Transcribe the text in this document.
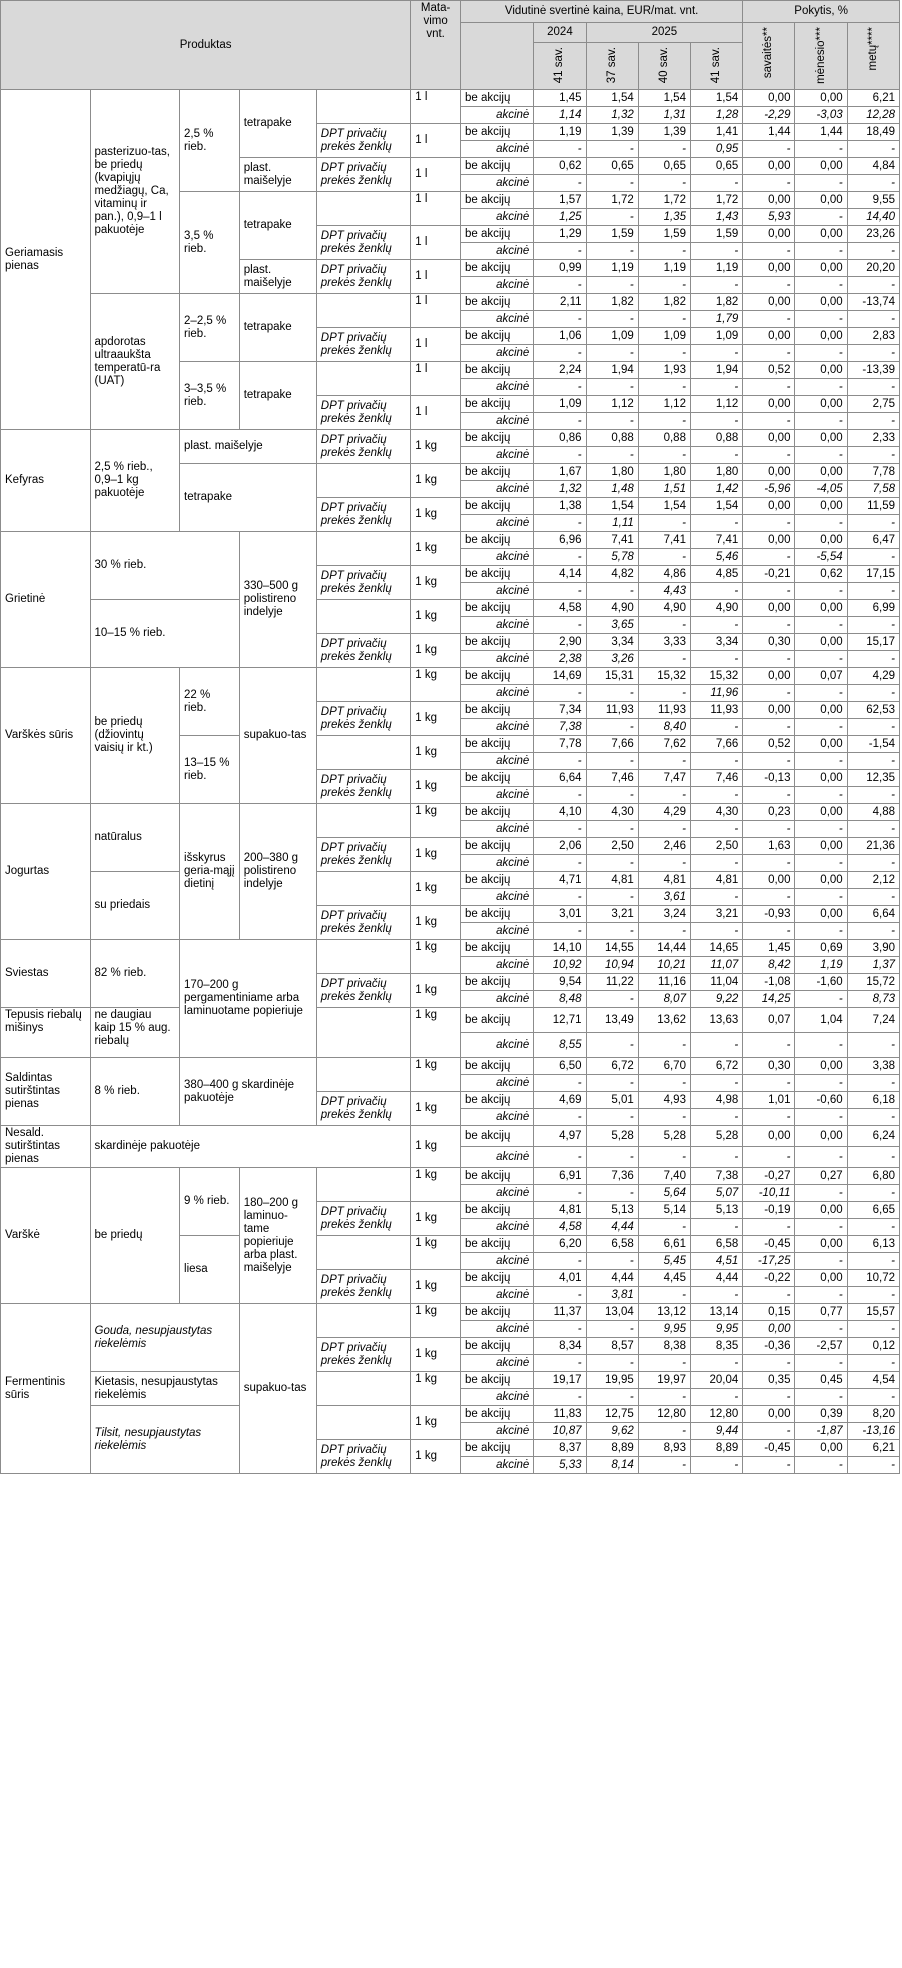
Produktas					Mata-
vimo
vnt.	Vidutinė svertinė kaina, EUR/mat. vnt.					Pokytis, %		
							2024	2025			savaitės**	mėnesio***	metų****

							41 sav.	37 sav.	40 sav.	41 sav.			

Geriamasis pienas	pasterizuo-tas, be priedų (kvapiųjų medžiagų, Ca, vitaminų ir pan.), 0,9–1 l pakuotėje	2,5 % rieb.	tetrapake		1 l	be akcijų	1,45	1,54	1,54	1,54	0,00	0,00	6,21
						akcinė	1,14	1,32	1,31	1,28	-2,29	-3,03	12,28
				DPT privačių prekės ženklų	1 l	be akcijų	1,19	1,39	1,39	1,41	1,44	1,44	18,49
						akcinė	-	-	-	0,95	-	-	-
			plast. maišelyje	DPT privačių prekės ženklų	1 l	be akcijų	0,62	0,65	0,65	0,65	0,00	0,00	4,84
						akcinė	-	-	-	-	-	-	-
		3,5 % rieb.	tetrapake		1 l	be akcijų	1,57	1,72	1,72	1,72	0,00	0,00	9,55
						akcinė	1,25	-	1,35	1,43	5,93	-	14,40
				DPT privačių prekės ženklų	1 l	be akcijų	1,29	1,59	1,59	1,59	0,00	0,00	23,26
						akcinė	-	-	-	-	-	-	-
			plast. maišelyje	DPT privačių prekės ženklų	1 l	be akcijų	0,99	1,19	1,19	1,19	0,00	0,00	20,20
						akcinė	-	-	-	-	-	-	-
	apdorotas ultraaukšta temperatū-ra (UAT)	2–2,5 % rieb.	tetrapake		1 l	be akcijų	2,11	1,82	1,82	1,82	0,00	0,00	-13,74
						akcinė	-	-	-	1,79	-	-	-
				DPT privačių prekės ženklų	1 l	be akcijų	1,06	1,09	1,09	1,09	0,00	0,00	2,83
						akcinė	-	-	-	-	-	-	-
		3–3,5 % rieb.	tetrapake		1 l	be akcijų	2,24	1,94	1,93	1,94	0,52	0,00	-13,39
						akcinė	-	-	-	-	-	-	-
				DPT privačių prekės ženklų	1 l	be akcijų	1,09	1,12	1,12	1,12	0,00	0,00	2,75
						akcinė	-	-	-	-	-	-	-
Kefyras	2,5 % rieb., 0,9–1 kg pakuotėje	plast. maišelyje		DPT privačių prekės ženklų	1 kg	be akcijų	0,86	0,88	0,88	0,88	0,00	0,00	2,33
						akcinė	-	-	-	-	-	-	-
		tetrapake			1 kg	be akcijų	1,67	1,80	1,80	1,80	0,00	0,00	7,78
						akcinė	1,32	1,48	1,51	1,42	-5,96	-4,05	7,58
				DPT privačių prekės ženklų	1 kg	be akcijų	1,38	1,54	1,54	1,54	0,00	0,00	11,59
						akcinė	-	1,11	-	-	-	-	-
Grietinė	30 % rieb.		330–500 g polistireno indelyje		1 kg	be akcijų	6,96	7,41	7,41	7,41	0,00	0,00	6,47
						akcinė	-	5,78	-	5,46	-	-5,54	-
				DPT privačių prekės ženklų	1 kg	be akcijų	4,14	4,82	4,86	4,85	-0,21	0,62	17,15
						akcinė	-	-	4,43	-	-	-	-
	10–15 % rieb.				1 kg	be akcijų	4,58	4,90	4,90	4,90	0,00	0,00	6,99
						akcinė	-	3,65	-	-	-	-	-
				DPT privačių prekės ženklų	1 kg	be akcijų	2,90	3,34	3,33	3,34	0,30	0,00	15,17
						akcinė	2,38	3,26	-	-	-	-	-
Varškės sūris	be priedų (džiovintų vaisių ir kt.)	22 % rieb.	supakuo-tas		1 kg	be akcijų	14,69	15,31	15,32	15,32	0,00	0,07	4,29
						akcinė	-	-	-	11,96	-	-	-
				DPT privačių prekės ženklų	1 kg	be akcijų	7,34	11,93	11,93	11,93	0,00	0,00	62,53
						akcinė	7,38	-	8,40	-	-	-	-
		13–15 % rieb.			1 kg	be akcijų	7,78	7,66	7,62	7,66	0,52	0,00	-1,54
						akcinė	-	-	-	-	-	-	-
				DPT privačių prekės ženklų	1 kg	be akcijų	6,64	7,46	7,47	7,46	-0,13	0,00	12,35
						akcinė	-	-	-	-	-	-	-
Jogurtas	natūralus	išskyrus geria-mąjį dietinį	200–380 g polistireno indelyje		1 kg	be akcijų	4,10	4,30	4,29	4,30	0,23	0,00	4,88
						akcinė	-	-	-	-	-	-	-
				DPT privačių prekės ženklų	1 kg	be akcijų	2,06	2,50	2,46	2,50	1,63	0,00	21,36
						akcinė	-	-	-	-	-	-	-
	su priedais				1 kg	be akcijų	4,71	4,81	4,81	4,81	0,00	0,00	2,12
						akcinė	-	-	3,61	-	-	-	-
				DPT privačių prekės ženklų	1 kg	be akcijų	3,01	3,21	3,24	3,21	-0,93	0,00	6,64
						akcinė	-	-	-	-	-	-	-
Sviestas	82 % rieb.	170–200 g pergamentiniame arba laminuotame popieriuje			1 kg	be akcijų	14,10	14,55	14,44	14,65	1,45	0,69	3,90
						akcinė	10,92	10,94	10,21	11,07	8,42	1,19	1,37
				DPT privačių prekės ženklų	1 kg	be akcijų	9,54	11,22	11,16	11,04	-1,08	-1,60	15,72
						akcinė	8,48	-	8,07	9,22	14,25	-	8,73
Tepusis riebalų mišinys	ne daugiau kaip 15 % aug. riebalų				1 kg	be akcijų	12,71	13,49	13,62	13,63	0,07	1,04	7,24
						akcinė	8,55	-	-	-	-	-	-
Saldintas sutirštintas pienas	8 % rieb.	380–400 g skardinėje pakuotėje			1 kg	be akcijų	6,50	6,72	6,70	6,72	0,30	0,00	3,38
						akcinė	-	-	-	-	-	-	-
				DPT privačių prekės ženklų	1 kg	be akcijų	4,69	5,01	4,93	4,98	1,01	-0,60	6,18
						akcinė	-	-	-	-	-	-	-
Nesald. sutirštintas pienas	skardinėje pakuotėje				1 kg	be akcijų	4,97	5,28	5,28	5,28	0,00	0,00	6,24
						akcinė	-	-	-	-	-	-	-
Varškė	be priedų	9 % rieb.	180–200 g laminuo-tame popieriuje arba plast. maišelyje		1 kg	be akcijų	6,91	7,36	7,40	7,38	-0,27	0,27	6,80
						akcinė	-	-	5,64	5,07	-10,11	-	-
				DPT privačių prekės ženklų	1 kg	be akcijų	4,81	5,13	5,14	5,13	-0,19	0,00	6,65
						akcinė	4,58	4,44	-	-	-	-	-
		liesa			1 kg	be akcijų	6,20	6,58	6,61	6,58	-0,45	0,00	6,13
						akcinė	-	-	5,45	4,51	-17,25	-	-
				DPT privačių prekės ženklų	1 kg	be akcijų	4,01	4,44	4,45	4,44	-0,22	0,00	10,72
						akcinė	-	3,81	-	-	-	-	-
Fermentinis sūris	Gouda, nesupjaustytas riekelėmis		supakuo-tas		1 kg	be akcijų	11,37	13,04	13,12	13,14	0,15	0,77	15,57
						akcinė	-	-	9,95	9,95	0,00	-	-
				DPT privačių prekės ženklų	1 kg	be akcijų	8,34	8,57	8,38	8,35	-0,36	-2,57	0,12
						akcinė	-	-	-	-	-	-	-
	Kietasis, nesupjaustytas riekelėmis				1 kg	be akcijų	19,17	19,95	19,97	20,04	0,35	0,45	4,54
						akcinė	-	-	-	-	-	-	-
	Tilsit, nesupjaustytas riekelėmis				1 kg	be akcijų	11,83	12,75	12,80	12,80	0,00	0,39	8,20
						akcinė	10,87	9,62	-	9,44	-	-1,87	-13,16
				DPT privačių prekės ženklų	1 kg	be akcijų	8,37	8,89	8,93	8,89	-0,45	0,00	6,21
						akcinė	5,33	8,14	-	-	-	-	-
